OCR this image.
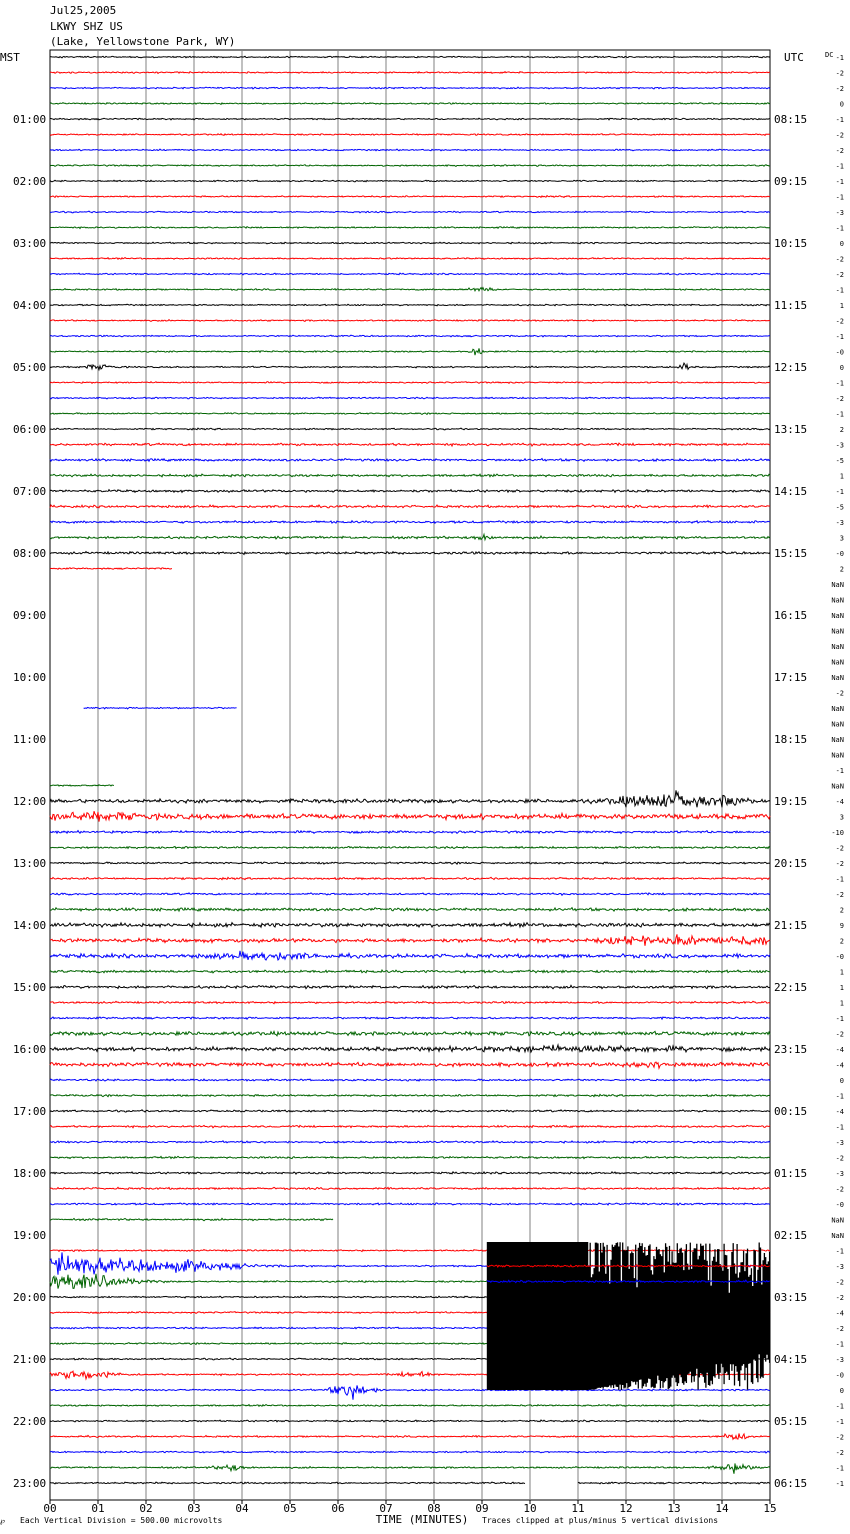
Jul25,2005
LKWY SHZ US
(Lake, Yellowstone Park, WY)
℘
MST	UTC	DC
01:00
02:00
03:00
04:00
05:00
06:00
07:00
08:00
09:00
10:00
11:00
12:00
13:00
14:00
15:00
16:00
17:00
18:00
19:00
20:00
21:00
22:00
23:00
08:15
09:15
10:15
11:15
12:15
13:15
14:15
15:15
16:15
17:15
18:15
19:15
20:15
21:15
22:15
23:15
00:15
01:15
02:15
03:15
04:15
05:15
06:15
-1
-2
-2
0
-1
-2
-2
-1
-1
-1
-3
-1
0
-2
-2
-1
1
-2
-1
-0
0
-1
-2
-1
2
-3
-5
1
-1
-5
-3
3
-0
2
NaN
NaN
NaN
NaN
NaN
NaN
NaN
-2
NaN
NaN
NaN
NaN
-1
NaN
-4
3
-10
-2
-2
-1
-2
2
9
2
-0
1
1
1
-1
-2
-4
-4
0
-1
-4
-1
-3
-2
-3
-2
-0
NaN
NaN
-1
-3
-2
-2
-4
-2
-1
-3
-0
0
-1
-1
-2
-2
-1
-1
00	01	02	03	04	05	06	07	08	09	10	11	12	13	14	15
TIME (MINUTES)
Each Vertical Division = 500.00 microvolts	Traces clipped at plus/minus 5 vertical divisions
